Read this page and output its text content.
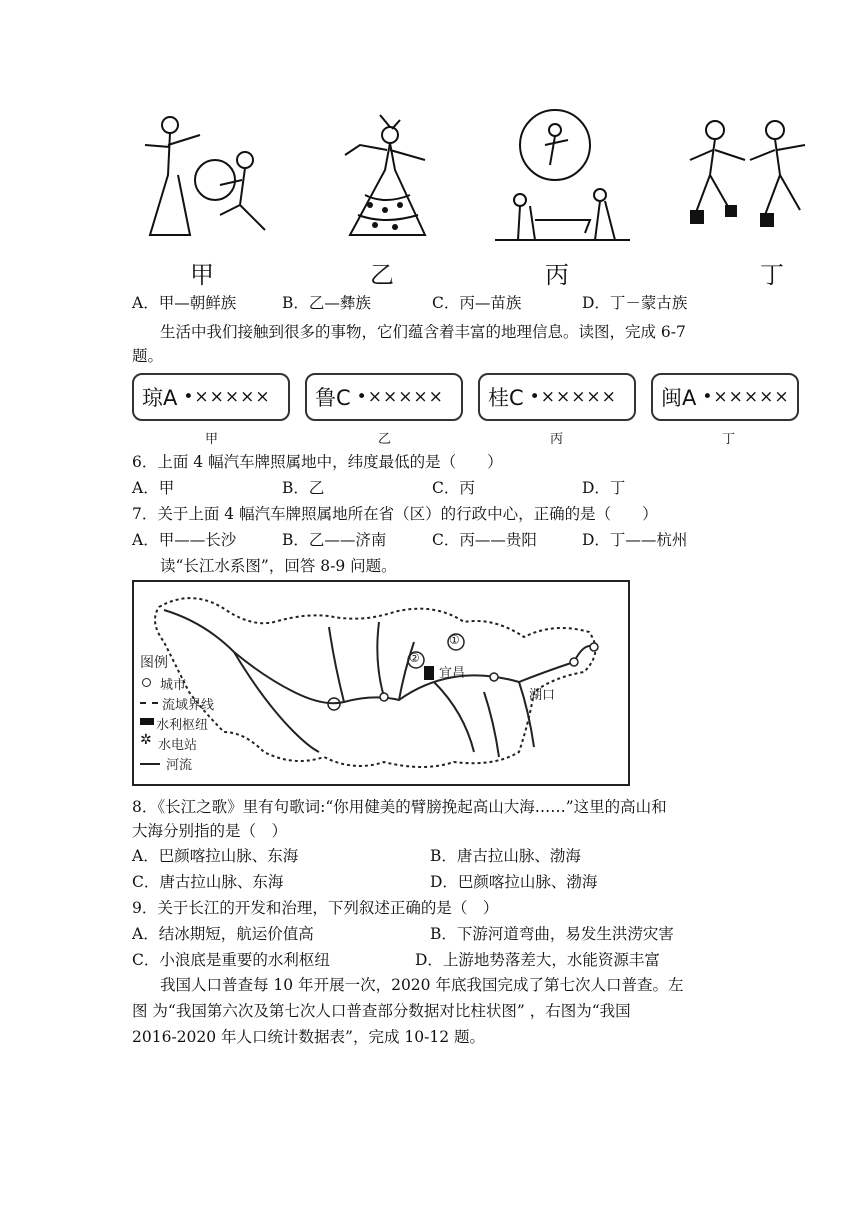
甲	乙	丙	丁
A．甲—朝鲜族	B．乙—彝族	C．丙—苗族	D．丁－蒙古族
生活中我们接触到很多的事物，它们蕴含着丰富的地理信息。读图，完成 6-7
题。
琼A •××××× 鲁C •××××× 桂C •××××× 闽A •×××××
甲	乙	丙	丁
6．上面 4 幅汽车牌照属地中，纬度最低的是（　　）
A．甲	B．乙	C．丙	D．丁
7．关于上面 4 幅汽车牌照属地所在省（区）的行政中心，正确的是（　　）
A．甲——长沙	B．乙——济南	C．丙——贵阳	D．丁——杭州
读“长江水系图”，回答 8-9 问题。
①
②
宜昌
湖口
图例
城市
流域界线
水利枢纽
✲ 水电站
河流
8．《长江之歌》里有句歌词:“你用健美的臂膀挽起高山大海……”这里的高山和
大海分别指的是（　）
A．巴颜喀拉山脉、东海	B．唐古拉山脉、渤海
C．唐古拉山脉、东海	D．巴颜喀拉山脉、渤海
9．关于长江的开发和治理，下列叙述正确的是（　）
A．结冰期短，航运价值高	B．下游河道弯曲，易发生洪涝灾害
C．小浪底是重要的水利枢纽	D．上游地势落差大，水能资源丰富
我国人口普查每 10 年开展一次，2020 年底我国完成了第七次人口普查。左
图 为“我国第六次及第七次人口普查部分数据对比柱状图” ，右图为“我国
2016-2020 年人口统计数据表”，完成 10-12 题。
